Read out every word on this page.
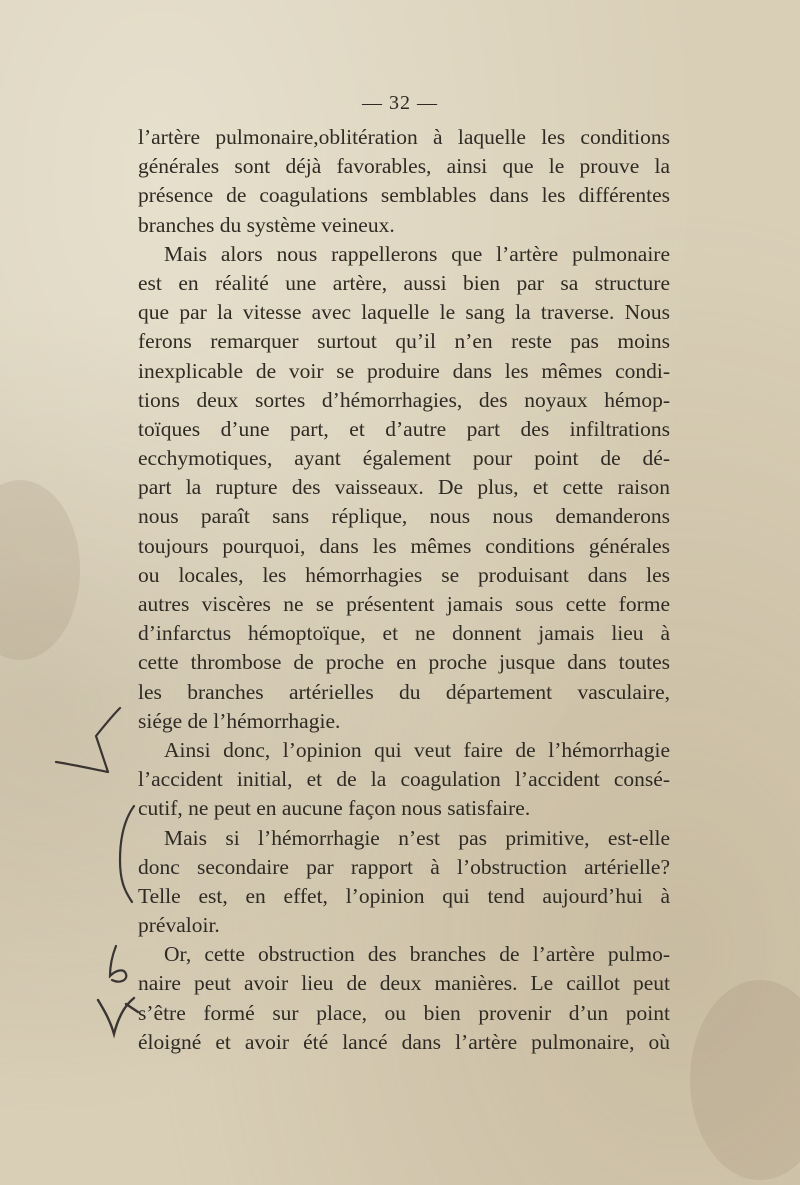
— 32 —
l’artère pulmonaire,oblitération à laquelle les conditions
générales sont déjà favorables, ainsi que le prouve la
présence de coagulations semblables dans les différentes
branches du système veineux.
Mais alors nous rappellerons que l’artère pulmonaire
est en réalité une artère, aussi bien par sa structure
que par la vitesse avec laquelle le sang la traverse. Nous
ferons remarquer surtout qu’il n’en reste pas moins
inexplicable de voir se produire dans les mêmes condi-
tions deux sortes d’hémorrhagies, des noyaux hémop-
toïques d’une part, et d’autre part des infiltrations
ecchymotiques, ayant également pour point de dé-
part la rupture des vaisseaux. De plus, et cette raison
nous paraît sans réplique, nous nous demanderons
toujours pourquoi, dans les mêmes conditions générales
ou locales, les hémorrhagies se produisant dans les
autres viscères ne se présentent jamais sous cette forme
d’infarctus hémoptoïque, et ne donnent jamais lieu à
cette thrombose de proche en proche jusque dans toutes
les branches artérielles du département vasculaire,
siége de l’hémorrhagie.
Ainsi donc, l’opinion qui veut faire de l’hémorrhagie
l’accident initial, et de la coagulation l’accident consé-
cutif, ne peut en aucune façon nous satisfaire.
Mais si l’hémorrhagie n’est pas primitive, est-elle
donc secondaire par rapport à l’obstruction artérielle?
Telle est, en effet, l’opinion qui tend aujourd’hui à
prévaloir.
Or, cette obstruction des branches de l’artère pulmo-
naire peut avoir lieu de deux manières. Le caillot peut
s’être formé sur place, ou bien provenir d’un point
éloigné et avoir été lancé dans l’artère pulmonaire, où
